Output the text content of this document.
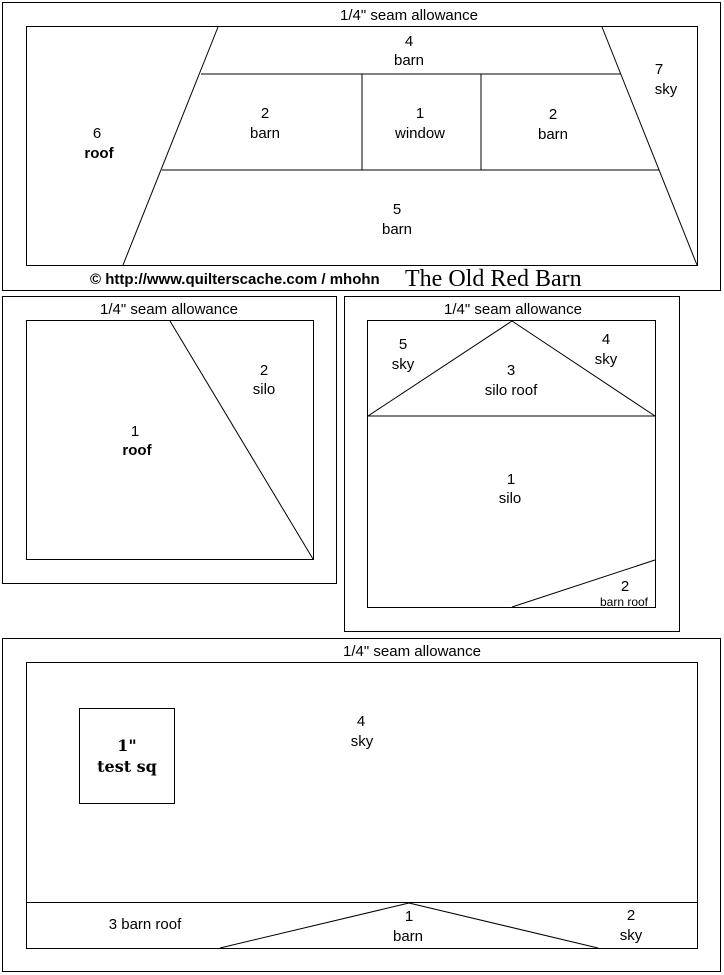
1/4" seam allowance
4
barn
7
sky
6
roof
2
barn
1
window
2
barn
5
barn
© http://www.quilterscache.com / mhohn The Old Red Barn
1/4" seam allowance
1
roof
2
silo
1/4" seam allowance
5
sky	3
silo roof
4
sky
1
silo
2
barn roof
1/4" seam allowance
1"
test sq
4
sky
3 barn roof	1
barn
2
sky
